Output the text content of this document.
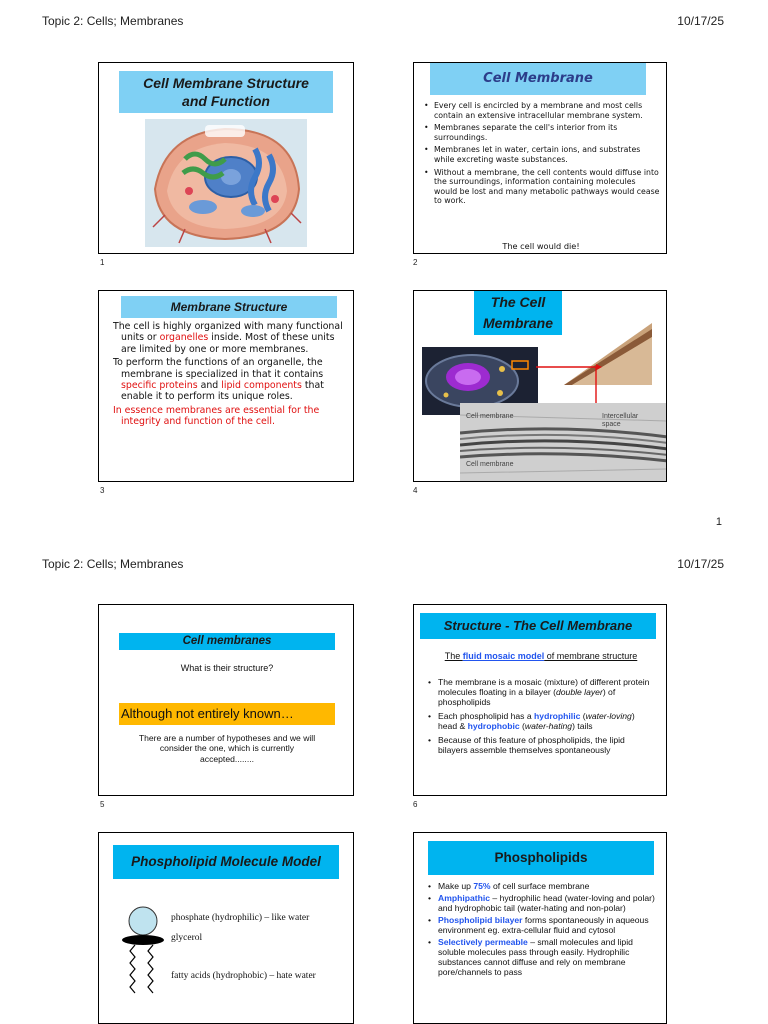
Topic 2: Cells; Membranes	10/17/25
Cell Membrane Structure
and Function
1
Cell Membrane
• Every cell is encircled by a membrane and most cells contain an extensive intracellular membrane system.
• Membranes separate the cell's interior from its surroundings.
• Membranes let in water, certain ions, and substrates while excreting waste substances.
• Without a membrane, the cell contents would diffuse into the surroundings, information containing molecules would be lost and many metabolic pathways would cease to work.
The cell would die!
2
Membrane Structure
The cell is highly organized with many functional units or organelles inside. Most of these units are limited by one or more membranes.
To perform the functions of an organelle, the membrane is specialized in that it contains specific proteins and lipid components that enable it to perform its unique roles.
In essence membranes are essential for the integrity and function of the cell.
3
The Cell
Membrane
Cell membrane	Intercellular space
Cell membrane
4
1
Topic 2: Cells; Membranes	10/17/25
Cell membranes
What is their structure?
Although not entirely known…
There are a number of hypotheses and we will consider the one, which is currently accepted........
5
Structure - The Cell Membrane
The fluid mosaic model of membrane structure
• The membrane is a mosaic (mixture) of different protein molecules floating in a bilayer (double layer) of phospholipids
• Each phospholipid has a hydrophilic (water-loving) head & hydrophobic (water-hating) tails
• Because of this feature of phospholipids, the lipid bilayers assemble themselves spontaneously
6
Phospholipid Molecule Model
phosphate (hydrophilic) – like water
glycerol
fatty acids (hydrophobic) – hate water
Phospholipids
• Make up 75% of cell surface membrane
• Amphipathic – hydrophilic head (water-loving and polar) and hydrophobic tail (water-hating and non-polar)
• Phospholipid bilayer forms spontaneously in aqueous environment eg. extra-cellular fluid and cytosol
• Selectively permeable – small molecules and lipid soluble molecules pass through easily. Hydrophilic substances cannot diffuse and rely on membrane pore/channels to pass
